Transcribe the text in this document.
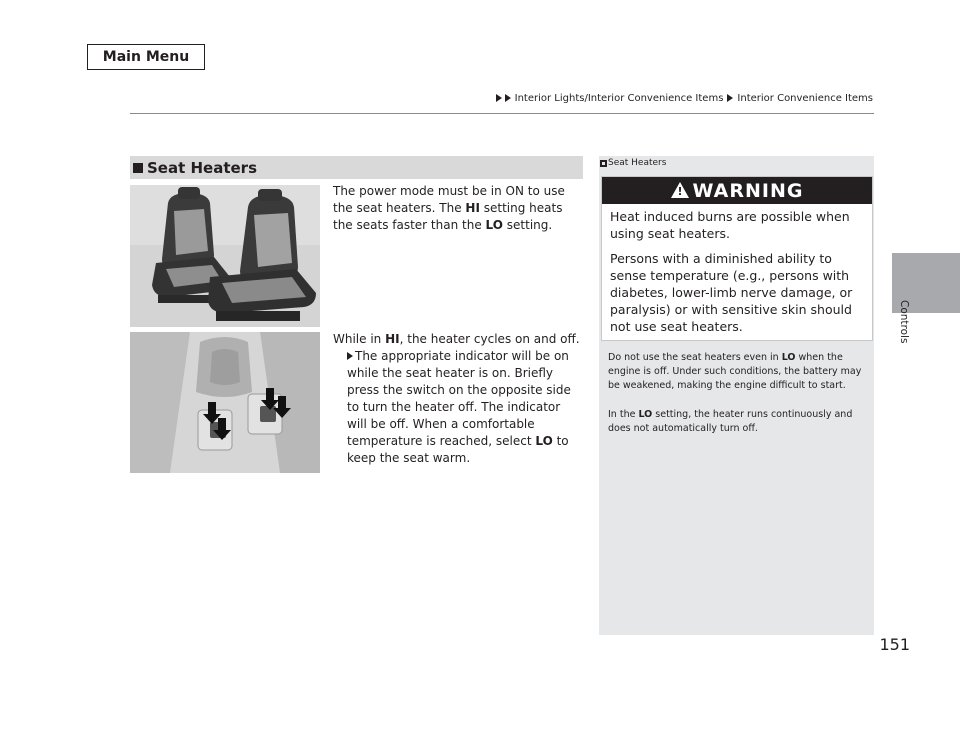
Main Menu
Interior Lights/Interior Convenience Items Interior Convenience Items
Controls
Seat Heaters
The power mode must be in ON to use the seat heaters. The HI setting heats the seats faster than the LO setting.
While in HI, the heater cycles on and off.
The appropriate indicator will be on while the seat heater is on. Briefly press the switch on the opposite side to turn the heater off. The indicator will be off. When a comfortable temperature is reached, select LO to keep the seat warm.
Seat Heaters
!
WARNING

Heat induced burns are possible when using seat heaters.

Persons with a diminished ability to sense temperature (e.g., persons with diabetes, lower-limb nerve damage, or paralysis) or with sensitive skin should not use seat heaters.

Do not use the seat heaters even in LO when the engine is off. Under such conditions, the battery may be weakened, making the engine difficult to start.
In the LO setting, the heater runs continuously and does not automatically turn off.
151
